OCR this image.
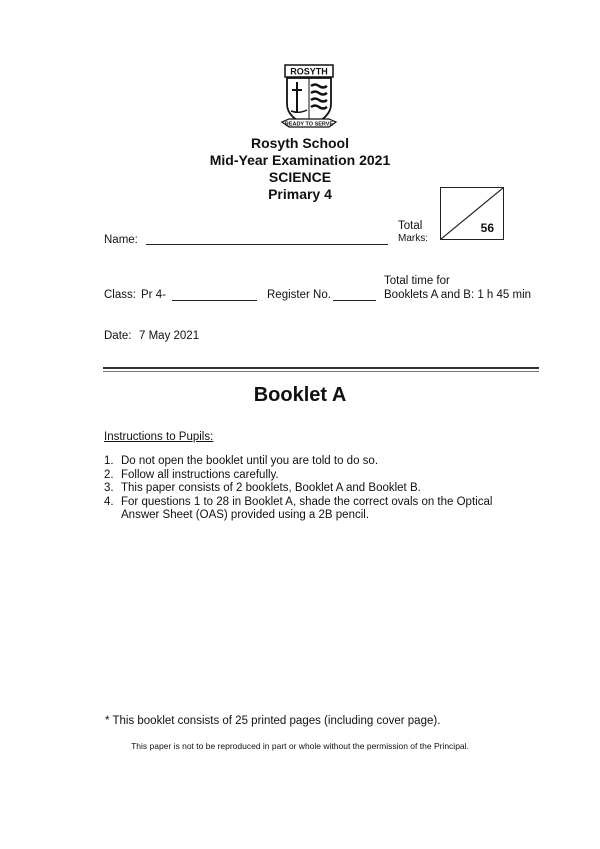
ROSYTH
READY TO SERVE
Rosyth School
Mid-Year Examination 2021
SCIENCE
Primary 4
Total
Marks:
56
Name:
Total time for
Booklets A and B: 1 h 45 min
Class: Pr 4-	Register No.
Date: 7 May 2021
Booklet A
Instructions to Pupils:
1. Do not open the booklet until you are told to do so.
2. Follow all instructions carefully.
3. This paper consists of 2 booklets, Booklet A and Booklet B.
4. For questions 1 to 28 in Booklet A, shade the correct ovals on the Optical Answer Sheet (OAS) provided using a 2B pencil.
* This booklet consists of 25 printed pages (including cover page).
This paper is not to be reproduced in part or whole without the permission of the Principal.
